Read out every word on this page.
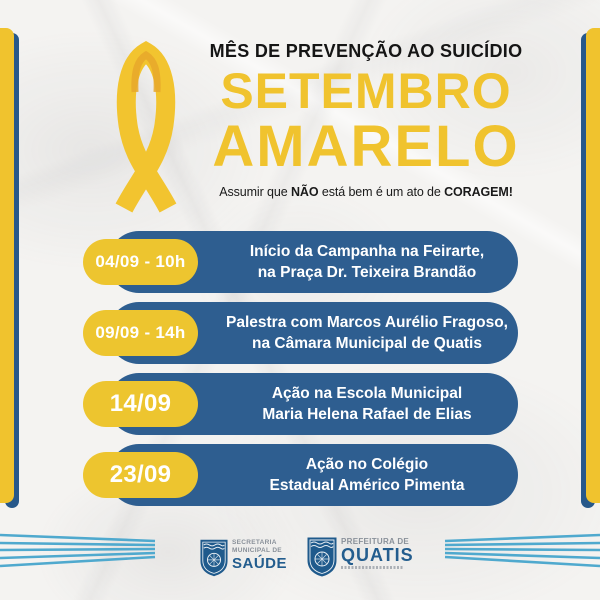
MÊS DE PREVENÇÃO AO SUICÍDIO
SETEMBRO
AMARELO
Assumir que NÃO está bem é um ato de CORAGEM!
Início da Campanha na Feirarte,
na Praça Dr. Teixeira Brandão
04/09 - 10h
Palestra com Marcos Aurélio Fragoso,
na Câmara Municipal de Quatis
09/09 - 14h
Ação na Escola Municipal
Maria Helena Rafael de Elias
14/09
Ação no Colégio
Estadual Américo Pimenta
23/09
SECRETARIA
MUNICIPAL DE
SAÚDE
PREFEITURA DE
QUATIS
